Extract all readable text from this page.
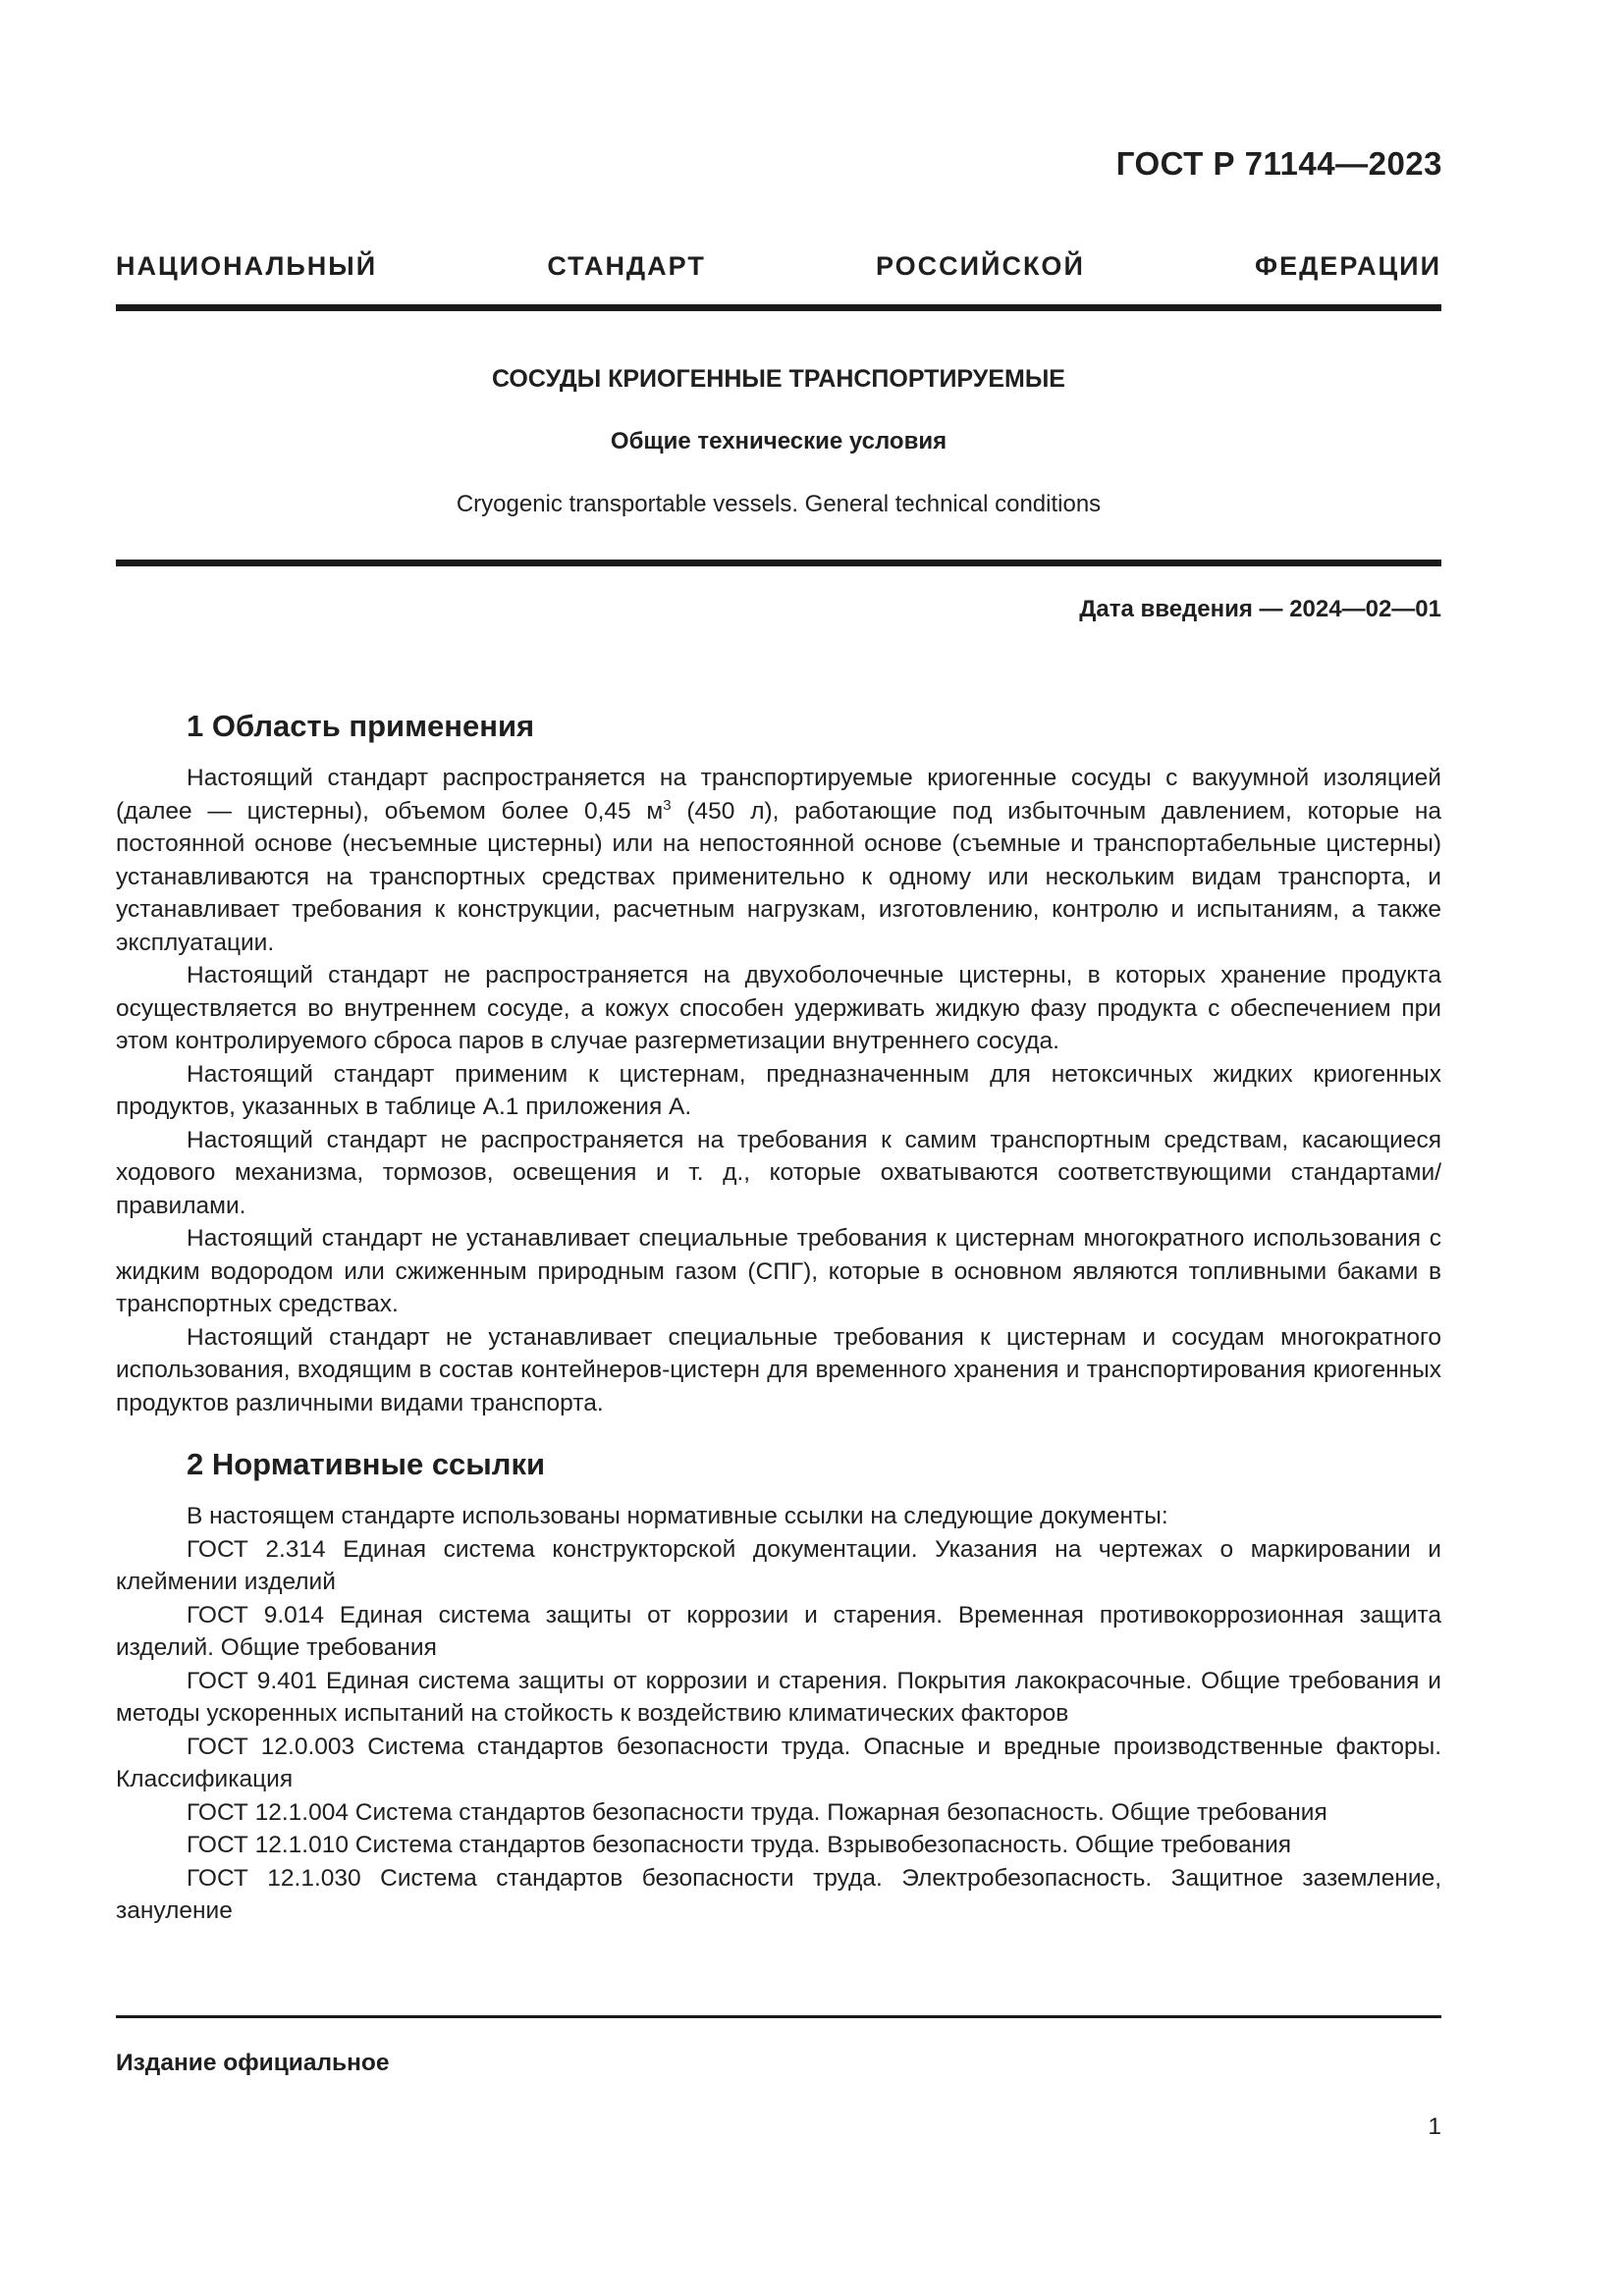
ГОСТ Р 71144—2023
НАЦИОНАЛЬНЫЙ СТАНДАРТ РОССИЙСКОЙ ФЕДЕРАЦИИ
СОСУДЫ КРИОГЕННЫЕ ТРАНСПОРТИРУЕМЫЕ
Общие технические условия
Cryogenic transportable vessels. General technical conditions
Дата введения — 2024—02—01
1 Область применения

Настоящий стандарт распространяется на транспортируемые криогенные сосуды с вакуумной изоляцией (далее — цистерны), объемом более 0,45 $м^3$ (450 л), работающие под избыточным давлением, которые на постоянной основе (несъемные цистерны) или на непостоянной основе (съемные и транспортабельные цистерны) устанавливаются на транспортных средствах применительно к одному или нескольким видам транспорта, и устанавливает требования к конструкции, расчетным нагрузкам, изготовлению, контролю и испытаниям, а также эксплуатации.

Настоящий стандарт не распространяется на двухоболочечные цистерны, в которых хранение продукта осуществляется во внутреннем сосуде, а кожух способен удерживать жидкую фазу продукта с обеспечением при этом контролируемого сброса паров в случае разгерметизации внутреннего сосуда.

Настоящий стандарт применим к цистернам, предназначенным для нетоксичных жидких криогенных продуктов, указанных в таблице А.1 приложения А.

Настоящий стандарт не распространяется на требования к самим транспортным средствам, касающиеся ходового механизма, тормозов, освещения и т. д., которые охватываются соответствующими стандартами/правилами.

Настоящий стандарт не устанавливает специальные требования к цистернам многократного использования с жидким водородом или сжиженным природным газом (СПГ), которые в основном являются топливными баками в транспортных средствах.

Настоящий стандарт не устанавливает специальные требования к цистернам и сосудам многократного использования, входящим в состав контейнеров-цистерн для временного хранения и транспортирования криогенных продуктов различными видами транспорта.

2 Нормативные ссылки

В настоящем стандарте использованы нормативные ссылки на следующие документы:

ГОСТ 2.314 Единая система конструкторской документации. Указания на чертежах о маркировании и клеймении изделий

ГОСТ 9.014 Единая система защиты от коррозии и старения. Временная противокоррозионная защита изделий. Общие требования

ГОСТ 9.401 Единая система защиты от коррозии и старения. Покрытия лакокрасочные. Общие требования и методы ускоренных испытаний на стойкость к воздействию климатических факторов

ГОСТ 12.0.003 Система стандартов безопасности труда. Опасные и вредные производственные факторы. Классификация

ГОСТ 12.1.004 Система стандартов безопасности труда. Пожарная безопасность. Общие требования

ГОСТ 12.1.010 Система стандартов безопасности труда. Взрывобезопасность. Общие требования

ГОСТ 12.1.030 Система стандартов безопасности труда. Электробезопасность. Защитное заземление, зануление

Издание официальное
1
